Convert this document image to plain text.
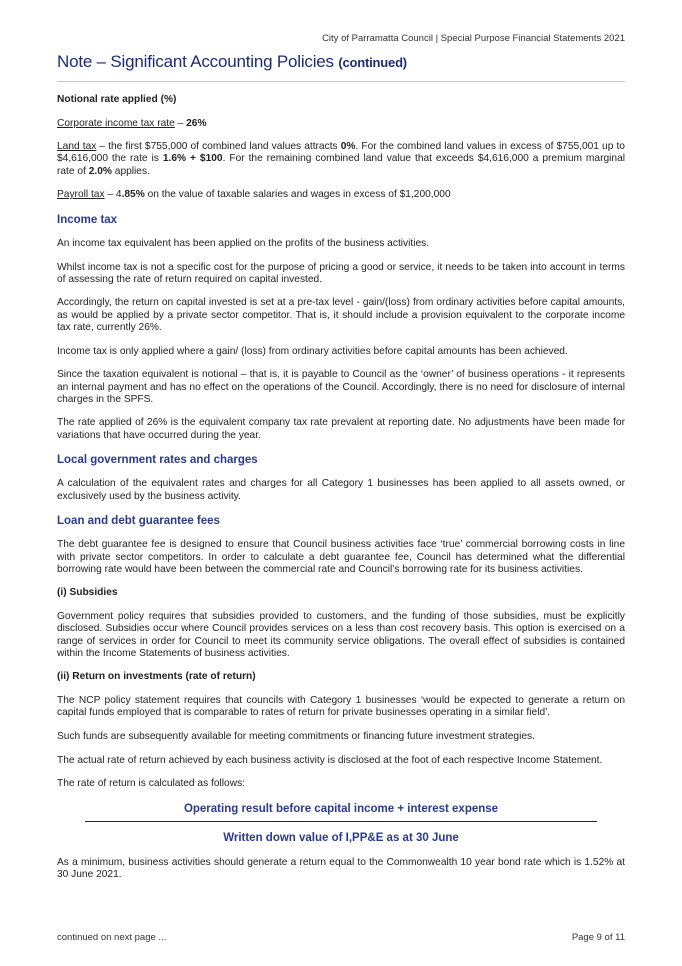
City of Parramatta Council | Special Purpose Financial Statements 2021
Note – Significant Accounting Policies (continued)

Notional rate applied (%)

Corporate income tax rate – 26%

Land tax – the first $755,000 of combined land values attracts 0%. For the combined land values in excess of $755,001 up to $4,616,000 the rate is 1.6% + $100. For the remaining combined land value that exceeds $4,616,000 a premium marginal rate of 2.0% applies.

Payroll tax – 4.85% on the value of taxable salaries and wages in excess of $1,200,000

Income tax

An income tax equivalent has been applied on the profits of the business activities.

Whilst income tax is not a specific cost for the purpose of pricing a good or service, it needs to be taken into account in terms of assessing the rate of return required on capital invested.

Accordingly, the return on capital invested is set at a pre-tax level - gain/(loss) from ordinary activities before capital amounts, as would be applied by a private sector competitor. That is, it should include a provision equivalent to the corporate income tax rate, currently 26%.

Income tax is only applied where a gain/ (loss) from ordinary activities before capital amounts has been achieved.

Since the taxation equivalent is notional – that is, it is payable to Council as the ‘owner’ of business operations - it represents an internal payment and has no effect on the operations of the Council. Accordingly, there is no need for disclosure of internal charges in the SPFS.

The rate applied of 26% is the equivalent company tax rate prevalent at reporting date. No adjustments have been made for variations that have occurred during the year.

Local government rates and charges

A calculation of the equivalent rates and charges for all Category 1 businesses has been applied to all assets owned, or exclusively used by the business activity.

Loan and debt guarantee fees

The debt guarantee fee is designed to ensure that Council business activities face ‘true’ commercial borrowing costs in line with private sector competitors. In order to calculate a debt guarantee fee, Council has determined what the differential borrowing rate would have been between the commercial rate and Council’s borrowing rate for its business activities.

(i) Subsidies

Government policy requires that subsidies provided to customers, and the funding of those subsidies, must be explicitly disclosed. Subsidies occur where Council provides services on a less than cost recovery basis. This option is exercised on a range of services in order for Council to meet its community service obligations. The overall effect of subsidies is contained within the Income Statements of business activities.

(ii) Return on investments (rate of return)

The NCP policy statement requires that councils with Category 1 businesses ‘would be expected to generate a return on capital funds employed that is comparable to rates of return for private businesses operating in a similar field’.

Such funds are subsequently available for meeting commitments or financing future investment strategies.

The actual rate of return achieved by each business activity is disclosed at the foot of each respective Income Statement.

The rate of return is calculated as follows:

Operating result before capital income + interest expense
Written down value of I,PP&E as at 30 June

As a minimum, business activities should generate a return equal to the Commonwealth 10 year bond rate which is 1.52% at 30 June 2021.

continued on next page ...	Page 9 of 11
